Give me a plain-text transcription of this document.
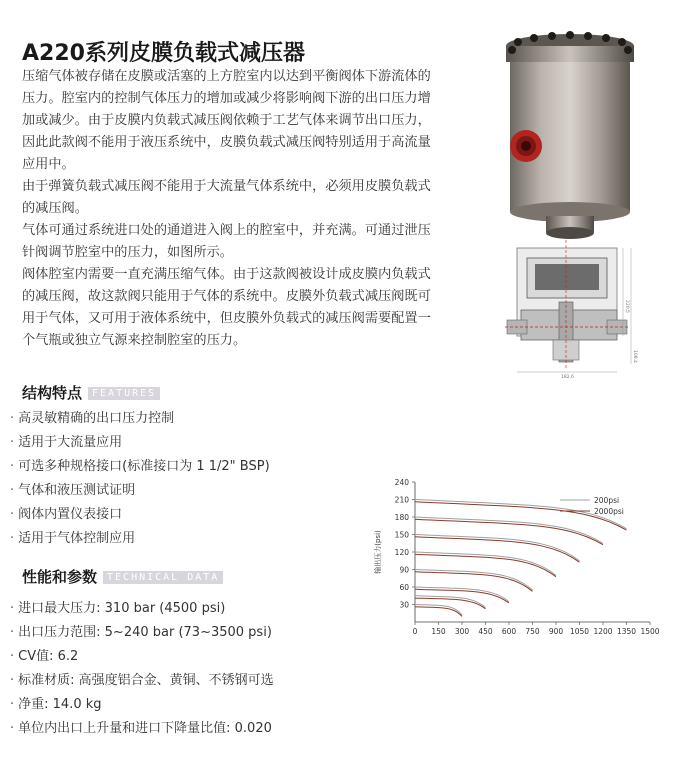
A220系列皮膜负载式减压器

压缩气体被存储在皮膜或活塞的上方腔室内以达到平衡阀体下游流体的压力。腔室内的控制气体压力的增加或减少将影响阀下游的出口压力增加或减少。由于皮膜内负载式减压阀依赖于工艺气体来调节出口压力，因此此款阀不能用于液压系统中，皮膜负载式减压阀特别适用于高流量应用中。

由于弹簧负载式减压阀不能用于大流量气体系统中，必须用皮膜负载式的减压阀。

气体可通过系统进口处的通道进入阀上的腔室中，并充满。可通过泄压针阀调节腔室中的压力，如图所示。

阀体腔室内需要一直充满压缩气体。由于这款阀被设计成皮膜内负载式的减压阀，故这款阀只能用于气体的系统中。皮膜外负载式减压阀既可用于气体，又可用于液体系统中，但皮膜外负载式的减压阀需要配置一个气瓶或独立气源来控制腔室的压力。

220.5
108.4
182.6
结构特点 FEATURES
· 高灵敏精确的出口压力控制
· 适用于大流量应用
· 可选多种规格接口(标准接口为 1 1/2" BSP)
· 气体和液压测试证明
· 阀体内置仪表接口
· 适用于气体控制应用
性能和参数 TECHNICAL DATA
· 进口最大压力: 310 bar (4500 psi)
· 出口压力范围: 5~240 bar (73~3500 psi)
· CV值: 6.2
· 标准材质: 高强度铝合金、黄铜、不锈钢可选
· 净重: 14.0 kg
· 单位内出口上升量和进口下降量比值: 0.020
30
60
90
120
150
180
210
240
0 150 300 450 600 750 900 1050 1200 1350 1500
输出压力(psi)
200psi
2000psi
